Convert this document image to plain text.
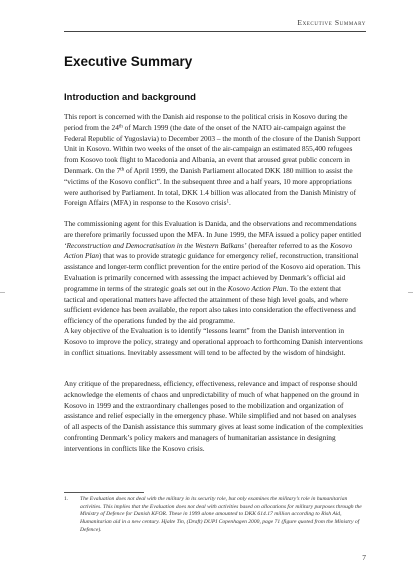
Executive Summary
Executive Summary
Introduction and background

This report is concerned with the Danish aid response to the political crisis in Kosovo during the period from the 24th of March 1999 (the date of the onset of the NATO air-campaign against the Federal Republic of Yugoslavia) to December 2003 – the month of the closure of the Danish Support Unit in Kosovo. Within two weeks of the onset of the air-campaign an estimated 855,400 refugees from Kosovo took flight to Macedonia and Albania, an event that aroused great public concern in Denmark. On the 7th of April 1999, the Danish Parliament allocated DKK 180 million to assist the “victims of the Kosovo conflict”. In the subsequent three and a half years, 10 more appropriations were authorised by Parliament. In total, DKK 1.4 billion was allocated from the Danish Ministry of Foreign Affairs (MFA) in response to the Kosovo crisis$^1$.

The commissioning agent for this Evaluation is Danida, and the observations and recommendations are therefore primarily focussed upon the MFA. In June 1999, the MFA issued a policy paper entitled ‘Reconstruction and Democratisation in the Western Balkans’ (hereafter referred to as the Kosovo Action Plan) that was to provide strategic guidance for emergency relief, reconstruction, transitional assistance and longer-term conflict prevention for the entire period of the Kosovo aid operation. This Evaluation is primarily concerned with assessing the impact achieved by Denmark’s official aid programme in terms of the strategic goals set out in the Kosovo Action Plan. To the extent that tactical and operational matters have affected the attainment of these high level goals, and where sufficient evidence has been available, the report also takes into consideration the effectiveness and efficiency of the operations funded by the aid programme.

A key objective of the Evaluation is to identify “lessons learnt” from the Danish intervention in Kosovo to improve the policy, strategy and operational approach to forthcoming Danish interventions in conflict situations. Inevitably assessment will tend to be affected by the wisdom of hindsight.

Any critique of the preparedness, efficiency, effectiveness, relevance and impact of response should acknowledge the elements of chaos and unpredictability of much of what happened on the ground in Kosovo in 1999 and the extraordinary challenges posed to the mobilization and organization of assistance and relief especially in the emergency phase. While simplified and not based on analyses of all aspects of the Danish assistance this summary gives at least some indication of the complexities confronting Denmark’s policy makers and managers of humanitarian assistance in designing interventions in conflicts like the Kosovo crisis.

1. The Evaluation does not deal with the military in its security role, but only examines the military’s role in humanitarian activities. This implies that the Evaluation does not deal with activities based on allocations for military purposes through the Ministry of Defence for Danish KFOR. These in 1999 alone amounted to DKK 614.17 million according to Rish Aid, Humanitarian aid in a new century. Hjalte Tin, (Draft) DUPI Copenhagen 2000, page 71 (figure quoted from the Ministry of Defence).
7
